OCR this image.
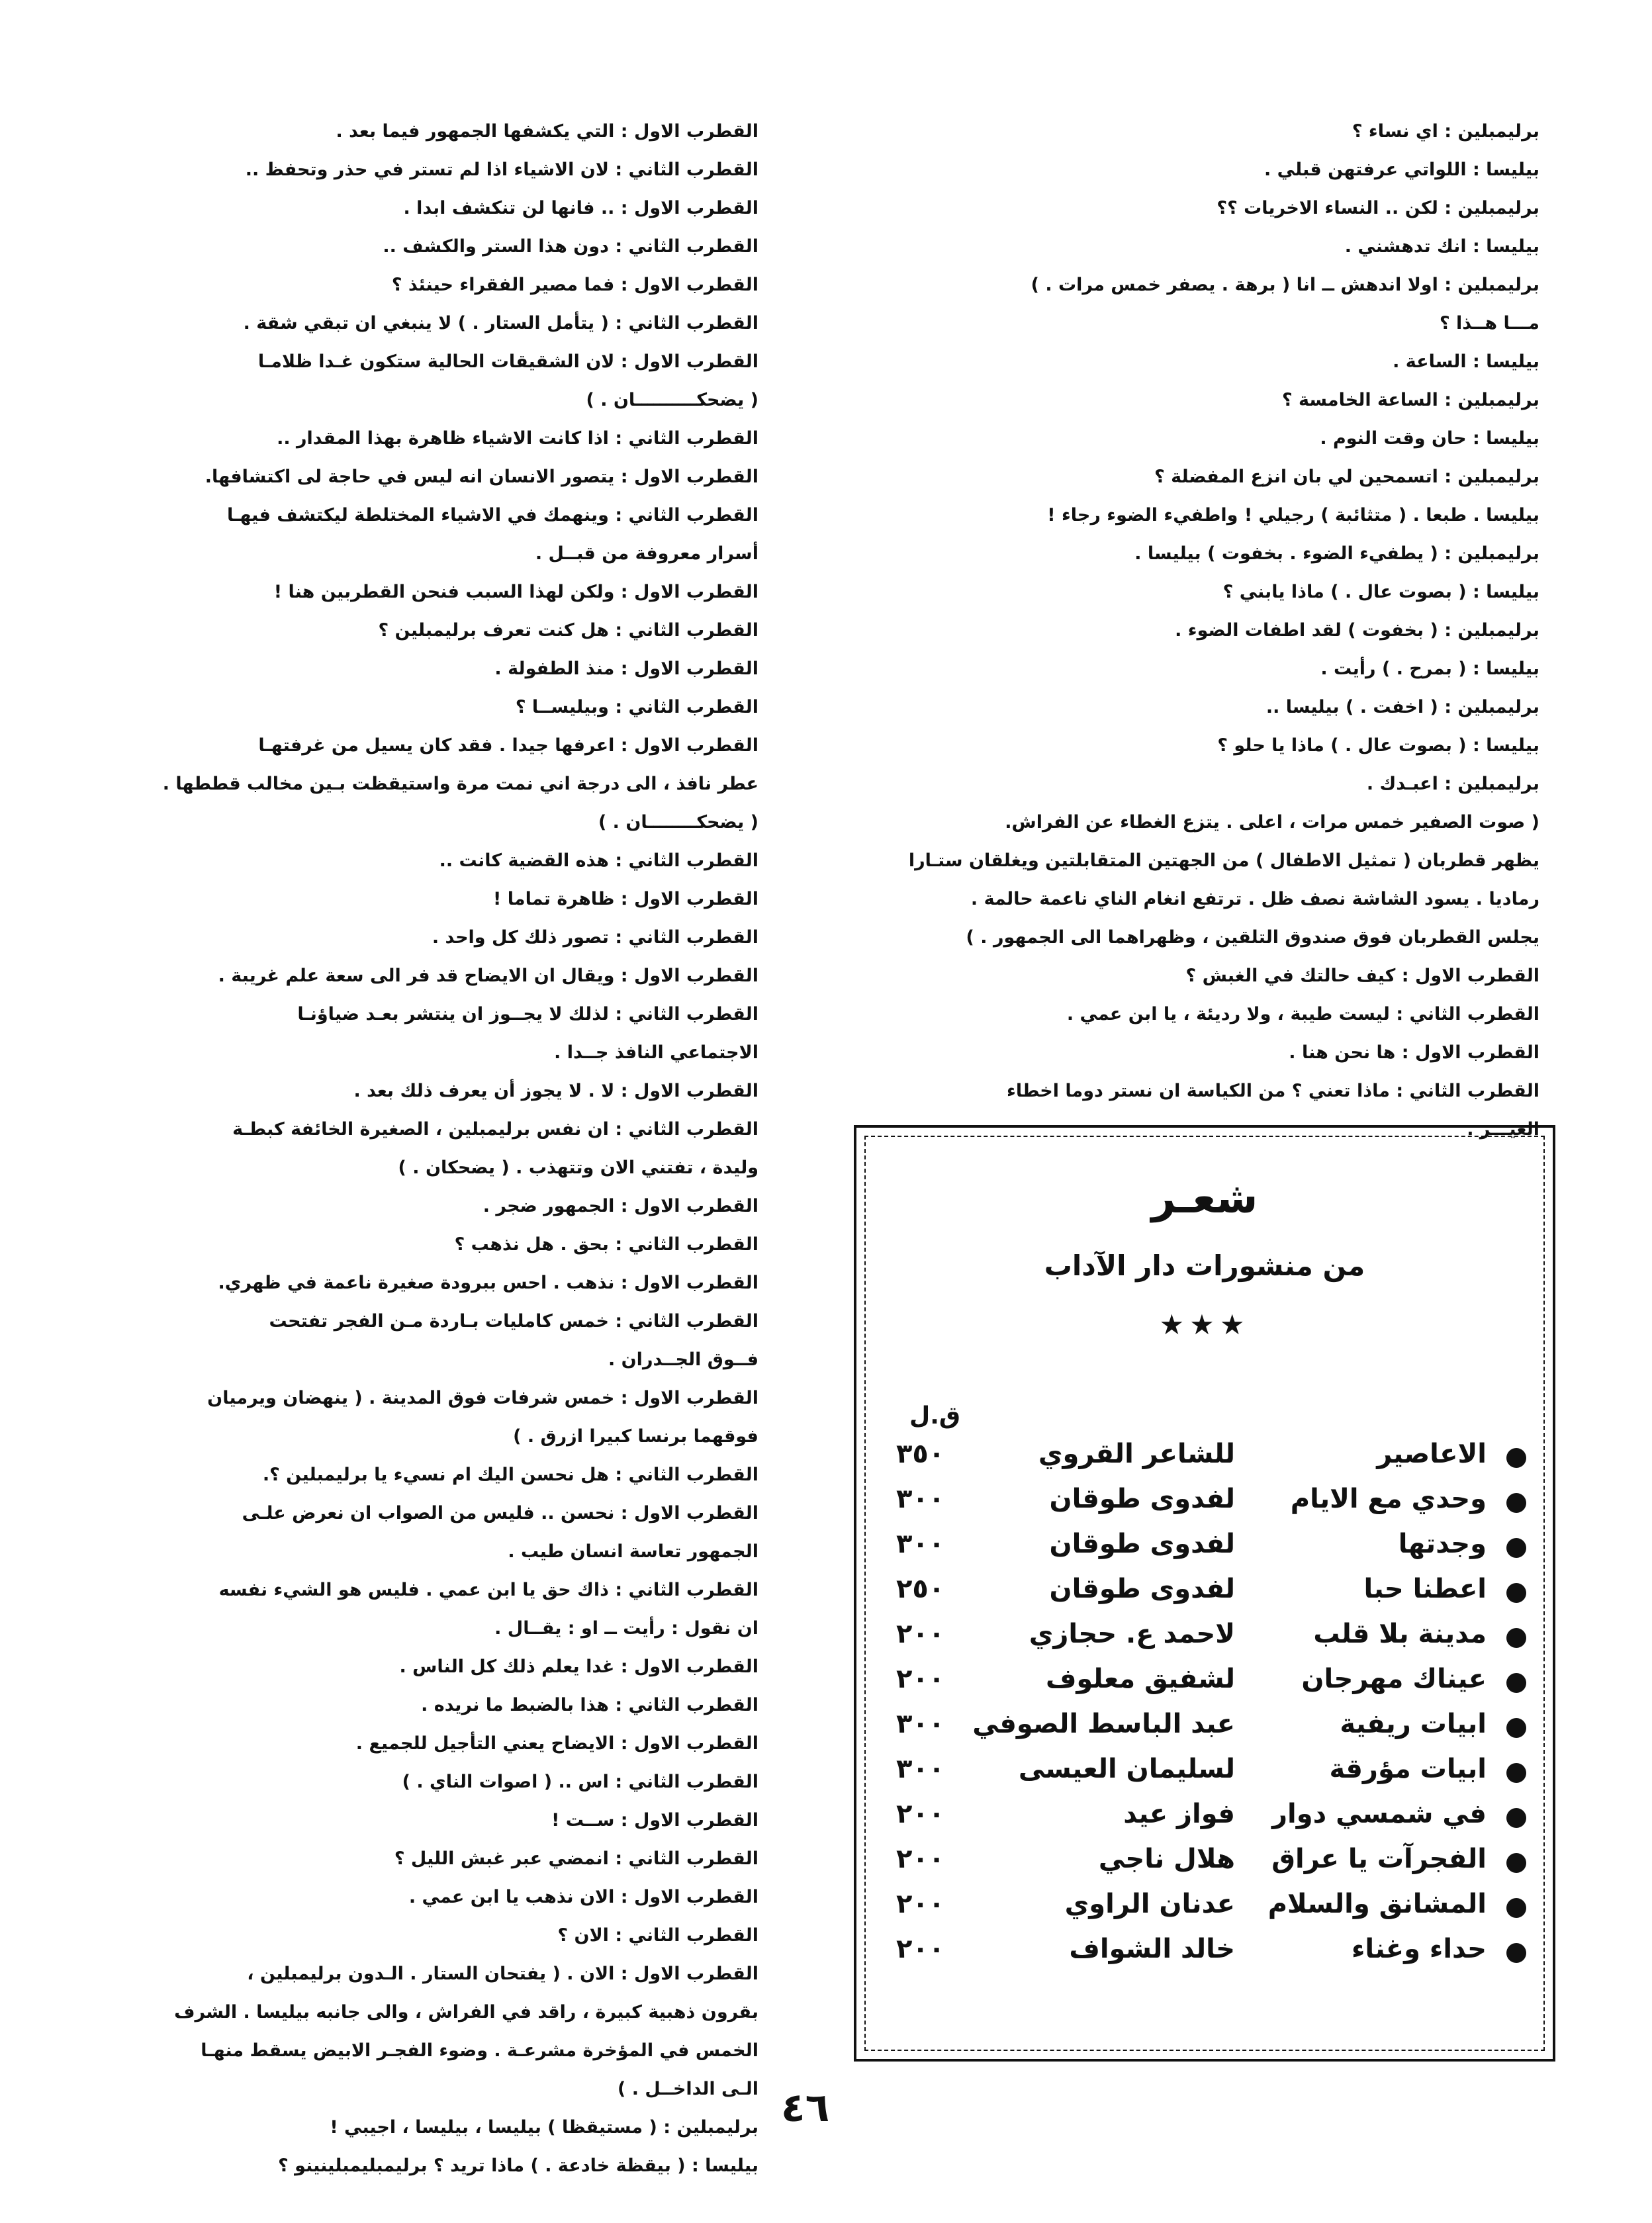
برليمبلين : اي نساء ؟
بيليسا : اللواتي عرفتهن قبلي .
برليمبلين : لكن .. النساء الاخريات ؟؟
بيليسا : انك تدهشني .
برليمبلين : اولا اندهش ــ انا ( برهة . يصفر خمس مرات . )
مـــا هــذا ؟
بيليسا : الساعة .
برليمبلين : الساعة الخامسة ؟
بيليسا : حان وقت النوم .
برليمبلين : اتسمحين لي بان انزع المفضلة ؟
بيليسا . طبعا . ( متثائبة ) رجيلي ! واطفيء الضوء رجاء !
برليمبلين : ( يطفيء الضوء . بخفوت ) بيليسا .
بيليسا : ( بصوت عال . ) ماذا يابني ؟
برليمبلين : ( بخفوت ) لقد اطفات الضوء .
بيليسا : ( بمرح . ) رأيت .
برليمبلين : ( اخفت . ) بيليسا ..
بيليسا : ( بصوت عال . ) ماذا يا حلو ؟
برليمبلين : اعبـدك .
( صوت الصفير خمس مرات ، اعلى . يتزع الغطاء عن الفراش.
يظهر قطربان ( تمثيل الاطفال ) من الجهتين المتقابلتين ويغلقان ستـارا
رماديا . يسود الشاشة نصف ظل . ترتفع انغام الناي ناعمة حالمة .
يجلس القطربان فوق صندوق التلقين ، وظهراهما الى الجمهور . )
القطرب الاول : كيف حالتك في الغبش ؟
القطرب الثاني : ليست طيبة ، ولا رديئة ، يا ابن عمي .
القطرب الاول : ها نحن هنا .
القطرب الثاني : ماذا تعني ؟ من الكياسة ان نستر دوما اخطاء
الغيـــر .
القطرب الاول : التي يكشفها الجمهور فيما بعد .
القطرب الثاني : لان الاشياء اذا لم تستر في حذر وتحفظ ..
القطرب الاول : .. فانها لن تنكشف ابدا .
القطرب الثاني : دون هذا الستر والكشف ..
القطرب الاول : فما مصير الفقراء حينئذ ؟
القطرب الثاني : ( يتأمل الستار . ) لا ينبغي ان تبقي شقة .
القطرب الاول : لان الشقيقات الحالية ستكون غـدا ظلامـا
( يضحكــــــــــان . )
القطرب الثاني : اذا كانت الاشياء ظاهرة بهذا المقدار ..
القطرب الاول : يتصور الانسان انه ليس في حاجة لى اكتشافها.
القطرب الثاني : وينهمك في الاشياء المختلطة ليكتشف فيهـا
أسرار معروفة من قبــل .
القطرب الاول : ولكن لهذا السبب فنحن القطربين هنا !
القطرب الثاني : هل كنت تعرف برليمبلين ؟
القطرب الاول : منذ الطفولة .
القطرب الثاني : وبيليســا ؟
القطرب الاول : اعرفها جيدا . فقد كان يسيل من غرفتهـا
عطر نافذ ، الى درجة اني نمت مرة واستيقظت بـين مخالب قططها .
( يضحكــــــــان . )
القطرب الثاني : هذه القضية كانت ..
القطرب الاول : ظاهرة تماما !
القطرب الثاني : تصور ذلك كل واحد .
القطرب الاول : ويقال ان الايضاح قد فر الى سعة علم غريبة .
القطرب الثاني : لذلك لا يجــوز ان ينتشر بعـد ضياؤنـا
الاجتماعي النافذ جــدا .
القطرب الاول : لا . لا يجوز أن يعرف ذلك بعد .
القطرب الثاني : ان نفس برليمبلين ، الصغيرة الخائفة كبطـة
وليدة ، تفتني الان وتتهذب . ( يضحكان . )
القطرب الاول : الجمهور ضجر .
القطرب الثاني : بحق . هل نذهب ؟
القطرب الاول : نذهب . احس ببرودة صغيرة ناعمة في ظهري.
القطرب الثاني : خمس كامليات بـاردة مـن الفجر تفتحت
فــوق الجــدران .
القطرب الاول : خمس شرفات فوق المدينة . ( ينهضان ويرميان
فوقهما برنسا كبيرا ازرق . )
القطرب الثاني : هل نحسن اليك ام نسيء يا برليمبلين ؟.
القطرب الاول : نحسن .. فليس من الصواب ان نعرض علـى
الجمهور تعاسة انسان طيب .
القطرب الثاني : ذاك حق يا ابن عمي . فليس هو الشيء نفسه
ان نقول : رأيت ــ او : يقــال .
القطرب الاول : غدا يعلم ذلك كل الناس .
القطرب الثاني : هذا بالضبط ما نريده .
القطرب الاول : الايضاح يعني التأجيل للجميع .
القطرب الثاني : اس .. ( اصوات الناي . )
القطرب الاول : ســت !
القطرب الثاني : انمضي عبر غبش الليل ؟
القطرب الاول : الان نذهب يا ابن عمي .
القطرب الثاني : الان ؟
القطرب الاول : الان . ( يفتحان الستار . الـدون برليمبلين ،
بقرون ذهبية كبيرة ، راقد في الفراش ، والى جانبه بيليسا . الشرف
الخمس في المؤخرة مشرعـة . وضوء الفجـر الابيض يسقط منهـا
الـى الداخــل . )
برليمبلين : ( مستيقظا ) بيليسا ، بيليسا ، اجيبي !
بيليسا : ( بيقظة خادعة . ) ماذا تريد ؟ برليمبليمبلينينو ؟
شعـر
من منشورات دار الآداب
★★★
ق.ل
الاعاصير
للشاعر القروي
٣٥٠
وحدي مع الايام
لفدوى طوقان
٣٠٠
وجدتها
لفدوى طوقان
٣٠٠
اعطنا حبا
لفدوى طوقان
٢٥٠
مدينة بلا قلب
لاحمد ع. حجازي
٢٠٠
عيناك مهرجان
لشفيق معلوف
٢٠٠
ابيات ريفية
عبد الباسط الصوفي
٣٠٠
ابيات مؤرقة
لسليمان العيسى
٣٠٠
في شمسي دوار
فواز عيد
٢٠٠
الفجرآت يا عراق
هلال ناجي
٢٠٠
المشانق والسلام
عدنان الراوي
٢٠٠
حداء وغناء
خالد الشواف
٢٠٠
٤٦
